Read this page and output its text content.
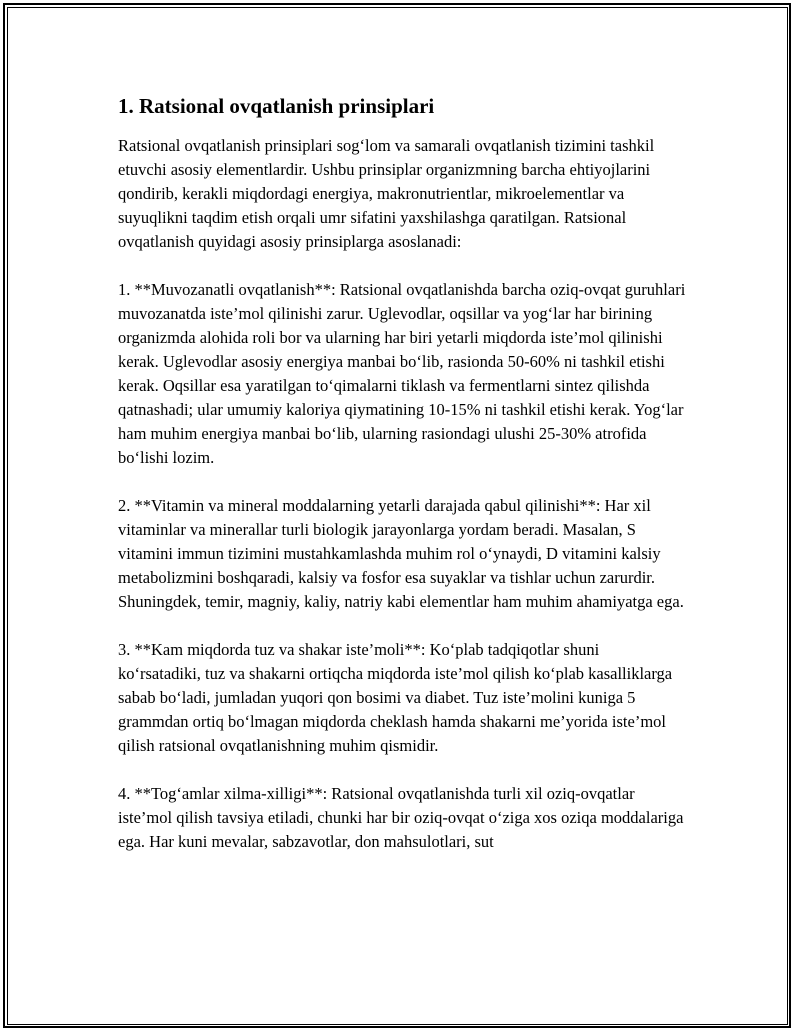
1. Ratsional ovqatlanish prinsiplari

Ratsional ovqatlanish prinsiplari sog‘lom va samarali ovqatlanish tizimini tashkil etuvchi asosiy elementlardir. Ushbu prinsiplar organizmning barcha ehtiyojlarini qondirib, kerakli miqdordagi energiya, makronutrientlar, mikroelementlar va suyuqlikni taqdim etish orqali umr sifatini yaxshilashga qaratilgan. Ratsional ovqatlanish quyidagi asosiy prinsiplarga asoslanadi:

1. **Muvozanatli ovqatlanish**: Ratsional ovqatlanishda barcha oziq-ovqat guruhlari muvozanatda iste’mol qilinishi zarur. Uglevodlar, oqsillar va yog‘lar har birining organizmda alohida roli bor va ularning har biri yetarli miqdorda iste’mol qilinishi kerak. Uglevodlar asosiy energiya manbai bo‘lib, rasionda 50-60% ni tashkil etishi kerak. Oqsillar esa yaratilgan to‘qimalarni tiklash va fermentlarni sintez qilishda qatnashadi; ular umumiy kaloriya qiymatining 10-15% ni tashkil etishi kerak. Yog‘lar ham muhim energiya manbai bo‘lib, ularning rasiondagi ulushi 25-30% atrofida bo‘lishi lozim.

2. **Vitamin va mineral moddalarning yetarli darajada qabul qilinishi**: Har xil vitaminlar va minerallar turli biologik jarayonlarga yordam beradi. Masalan, S vitamini immun tizimini mustahkamlashda muhim rol o‘ynaydi, D vitamini kalsiy metabolizmini boshqaradi, kalsiy va fosfor esa suyaklar va tishlar uchun zarurdir. Shuningdek, temir, magniy, kaliy, natriy kabi elementlar ham muhim ahamiyatga ega.

3. **Kam miqdorda tuz va shakar iste’moli**: Ko‘plab tadqiqotlar shuni ko‘rsatadiki, tuz va shakarni ortiqcha miqdorda iste’mol qilish ko‘plab kasalliklarga sabab bo‘ladi, jumladan yuqori qon bosimi va diabet. Tuz iste’molini kuniga 5 grammdan ortiq bo‘lmagan miqdorda cheklash hamda shakarni me’yorida iste’mol qilish ratsional ovqatlanishning muhim qismidir.

4. **Tog‘amlar xilma-xilligi**: Ratsional ovqatlanishda turli xil oziq-ovqatlar iste’mol qilish tavsiya etiladi, chunki har bir oziq-ovqat o‘ziga xos oziqa moddalariga ega. Har kuni mevalar, sabzavotlar, don mahsulotlari, sut
